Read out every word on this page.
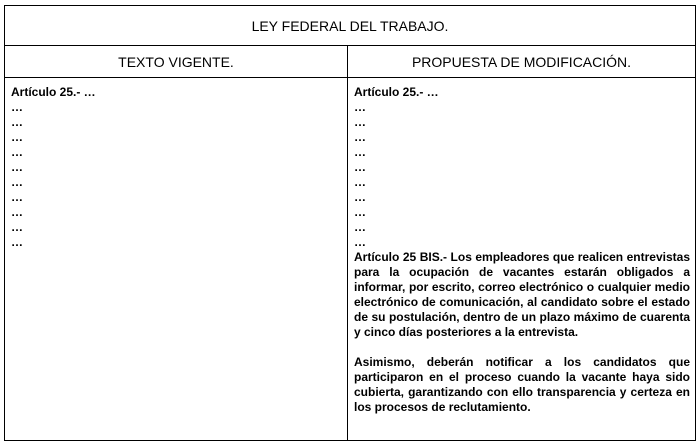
LEY FEDERAL DEL TRABAJO.
TEXTO VIGENTE.	PROPUESTA DE MODIFICACIÓN.
Artículo 25.- …
…
…
…
…
…
…
…
…
…
…
Artículo 25.- …
…
…
…
…
…
…
…
…
…
…

Artículo 25 BIS.- Los empleadores que realicen entrevistas para la ocupación de vacantes estarán obligados a informar, por escrito, correo electrónico o cualquier medio electrónico de comunicación, al candidato sobre el estado de su postulación, dentro de un plazo máximo de cuarenta y cinco días posteriores a la entrevista.

Asimismo, deberán notificar a los candidatos que participaron en el proceso cuando la vacante haya sido cubierta, garantizando con ello transparencia y certeza en los procesos de reclutamiento.
